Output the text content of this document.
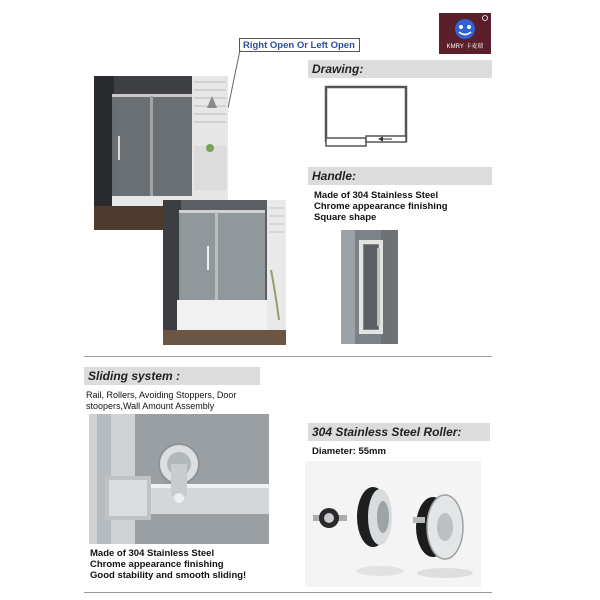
KMRY 卡麦瑞
Right Open Or Left Open
Drawing:
Handle:
Made of 304 Stainless Steel
Chrome appearance finishing
Square shape
Sliding system :
Rail, Rollers, Avoiding Stoppers, Door
stoopers,Wall Amount Assembly
Made of 304 Stainless Steel
Chrome appearance finishing
Good stability and smooth sliding!
304 Stainless Steel Roller:
Diameter: 55mm
